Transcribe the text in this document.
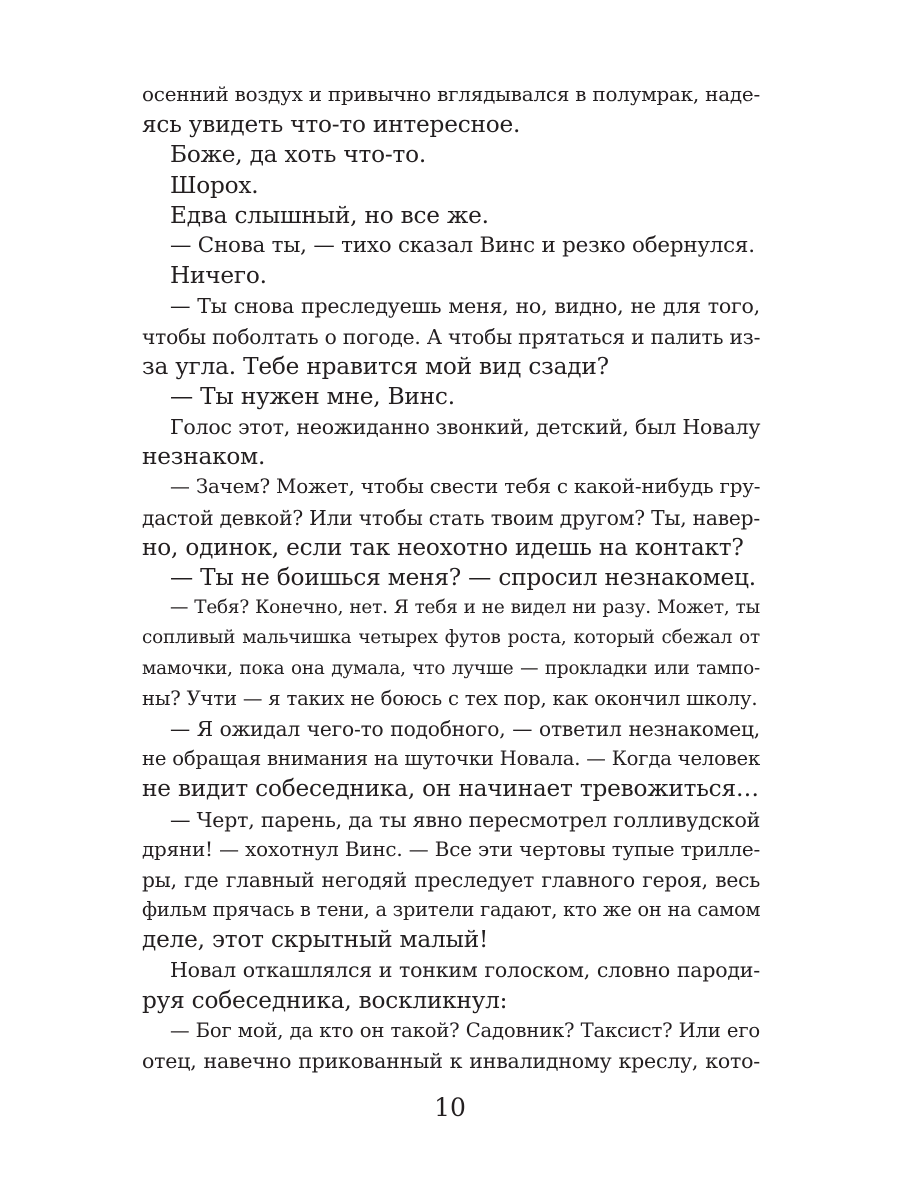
осенний воздух и привычно вглядывался в полумрак, наде-
ясь увидеть что-то интересное.
Боже, да хоть что-то.
Шорох.
Едва слышный, но все же.
— Снова ты, — тихо сказал Винс и резко обернулся.
Ничего.
— Ты снова преследуешь меня, но, видно, не для того,
чтобы поболтать о погоде. А чтобы прятаться и палить из-
за угла. Тебе нравится мой вид сзади?
— Ты нужен мне, Винс.
Голос этот, неожиданно звонкий, детский, был Новалу
незнаком.
— Зачем? Может, чтобы свести тебя с какой-нибудь гру-
дастой девкой? Или чтобы стать твоим другом? Ты, навер-
но, одинок, если так неохотно идешь на контакт?
— Ты не боишься меня? — спросил незнакомец.
— Тебя? Конечно, нет. Я тебя и не видел ни разу. Может, ты
сопливый мальчишка четырех футов роста, который сбежал от
мамочки, пока она думала, что лучше — прокладки или тампо-
ны? Учти — я таких не боюсь с тех пор, как окончил школу.
— Я ожидал чего-то подобного, — ответил незнакомец,
не обращая внимания на шуточки Новала. — Когда человек
не видит собеседника, он начинает тревожиться…
— Черт, парень, да ты явно пересмотрел голливудской
дряни! — хохотнул Винс. — Все эти чертовы тупые трилле-
ры, где главный негодяй преследует главного героя, весь
фильм прячась в тени, а зрители гадают, кто же он на самом
деле, этот скрытный малый!
Новал откашлялся и тонким голоском, словно пароди-
руя собеседника, воскликнул:
— Бог мой, да кто он такой? Садовник? Таксист? Или его
отец, навечно прикованный к инвалидному креслу, кото-
10
